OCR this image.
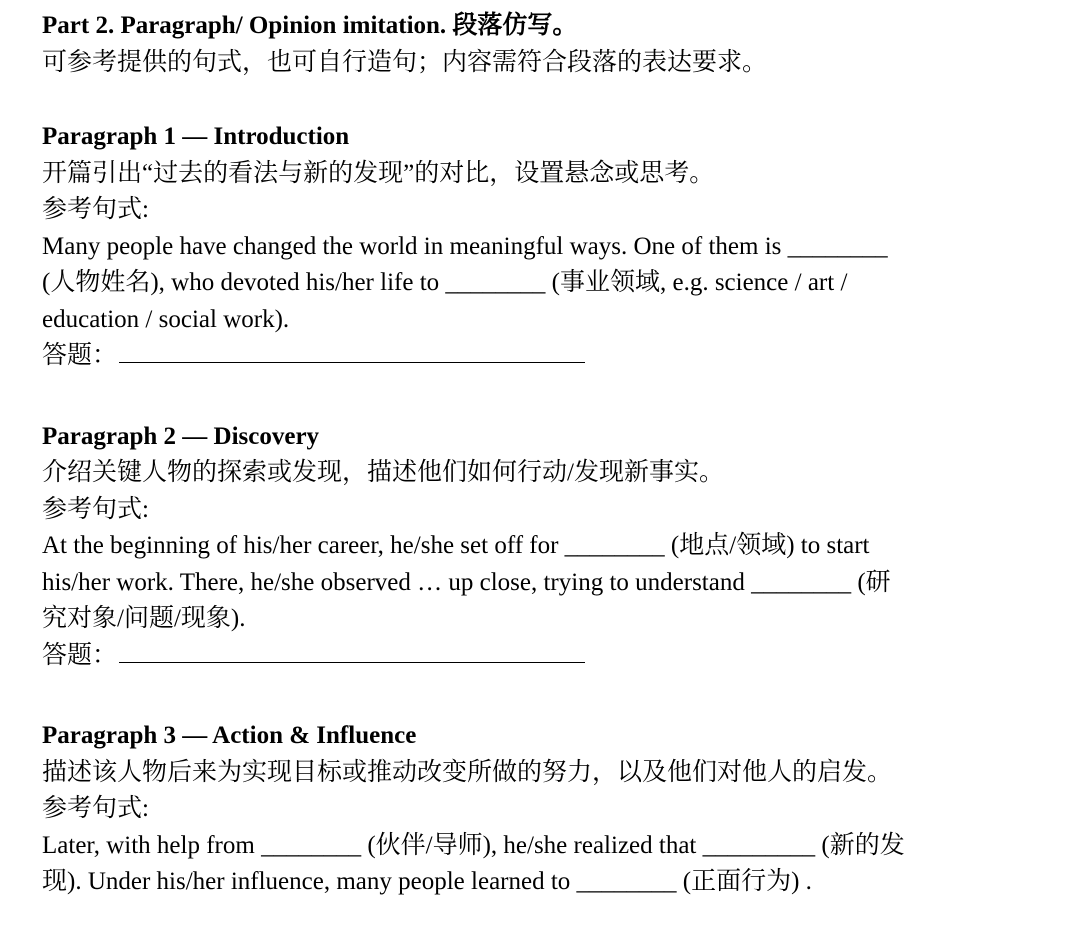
Part 2. Paragraph/ Opinion imitation. 段落仿写。
可参考提供的句式，也可自行造句；内容需符合段落的表达要求。
Paragraph 1 — Introduction
开篇引出“过去的看法与新的发现”的对比，设置悬念或思考。
参考句式:
Many people have changed the world in meaningful ways. One of them is ________
(人物姓名), who devoted his/her life to ________ (事业领域, e.g. science / art /
education / social work).
答题：
Paragraph 2 — Discovery
介绍关键人物的探索或发现，描述他们如何行动/发现新事实。
参考句式:
At the beginning of his/her career, he/she set off for ________ (地点/领域) to start
his/her work. There, he/she observed … up close, trying to understand ________ (研
究对象/问题/现象).
答题：
Paragraph 3 — Action & Influence
描述该人物后来为实现目标或推动改变所做的努力，以及他们对他人的启发。
参考句式:
Later, with help from ________ (伙伴/导师), he/she realized that _________ (新的发
现). Under his/her influence, many people learned to ________ (正面行为) .
